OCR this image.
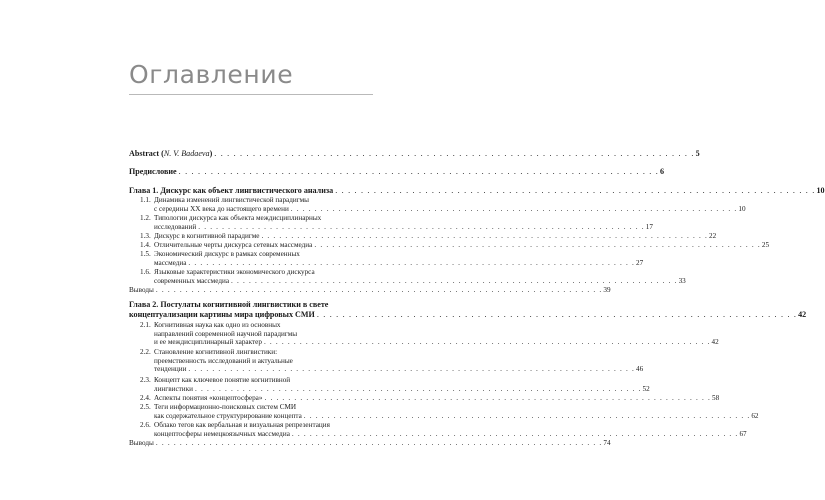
Оглавление
Abstract (N. V. Badaeva) . . . . . . . . . . . . . . . . . . . . . . . . . . . . . . . . . . . . . . . . . . . . . . . . . . . . . . . . . . . . . . . . . . . . . . . . . . . 5
Предисловие . . . . . . . . . . . . . . . . . . . . . . . . . . . . . . . . . . . . . . . . . . . . . . . . . . . . . . . . . . . . . . . . . . . . . . . . . . . 6
Глава 1. Дискурс как объект лингвистического анализа . . . . . . . . . . . . . . . . . . . . . . . . . . . . . . . . . . . . . . . . . . . . . . . . . . . . . . . . . . . . . . . . . . . . . . . . . . . 10
1.1. Динамика изменений лингвистической парадигмы
с середины XX века до настоящего времени . . . . . . . . . . . . . . . . . . . . . . . . . . . . . . . . . . . . . . . . . . . . . . . . . . . . . . . . . . . . . . . . . . . . . . . . . . . 10
1.2. Типологии дискурса как объекта междисциплинарных
исследований . . . . . . . . . . . . . . . . . . . . . . . . . . . . . . . . . . . . . . . . . . . . . . . . . . . . . . . . . . . . . . . . . . . . . . . . . . . 17
1.3. Дискурс в когнитивной парадигме . . . . . . . . . . . . . . . . . . . . . . . . . . . . . . . . . . . . . . . . . . . . . . . . . . . . . . . . . . . . . . . . . . . . . . . . . . . 22
1.4. Отличительные черты дискурса сетевых массмедиа . . . . . . . . . . . . . . . . . . . . . . . . . . . . . . . . . . . . . . . . . . . . . . . . . . . . . . . . . . . . . . . . . . . . . . . . . . . 25
1.5. Экономический дискурс в рамках современных
массмедиа . . . . . . . . . . . . . . . . . . . . . . . . . . . . . . . . . . . . . . . . . . . . . . . . . . . . . . . . . . . . . . . . . . . . . . . . . . . 27
1.6. Языковые характеристики экономического дискурса
современных массмедиа . . . . . . . . . . . . . . . . . . . . . . . . . . . . . . . . . . . . . . . . . . . . . . . . . . . . . . . . . . . . . . . . . . . . . . . . . . . 33
Выводы . . . . . . . . . . . . . . . . . . . . . . . . . . . . . . . . . . . . . . . . . . . . . . . . . . . . . . . . . . . . . . . . . . . . . . . . . . . 39
Глава 2. Постулаты когнитивной лингвистики в свете
концептуализации картины мира цифровых СМИ . . . . . . . . . . . . . . . . . . . . . . . . . . . . . . . . . . . . . . . . . . . . . . . . . . . . . . . . . . . . . . . . . . . . . . . . . . . 42
2.1. Когнитивная наука как одно из основных
направлений современной научной парадигмы
и ее междисциплинарный характер . . . . . . . . . . . . . . . . . . . . . . . . . . . . . . . . . . . . . . . . . . . . . . . . . . . . . . . . . . . . . . . . . . . . . . . . . . . 42
2.2. Становление когнитивной лингвистики:
преемственность исследований и актуальные
тенденции . . . . . . . . . . . . . . . . . . . . . . . . . . . . . . . . . . . . . . . . . . . . . . . . . . . . . . . . . . . . . . . . . . . . . . . . . . . 46
2.3. Концепт как ключевое понятие когнитивной
лингвистики . . . . . . . . . . . . . . . . . . . . . . . . . . . . . . . . . . . . . . . . . . . . . . . . . . . . . . . . . . . . . . . . . . . . . . . . . . . 52
2.4. Аспекты понятия «концептосфера» . . . . . . . . . . . . . . . . . . . . . . . . . . . . . . . . . . . . . . . . . . . . . . . . . . . . . . . . . . . . . . . . . . . . . . . . . . . 58
2.5. Теги информационно-поисковых систем СМИ
как содержательное структурирование концепта . . . . . . . . . . . . . . . . . . . . . . . . . . . . . . . . . . . . . . . . . . . . . . . . . . . . . . . . . . . . . . . . . . . . . . . . . . . 62
2.6. Облако тегов как вербальная и визуальная репрезентация
концептосферы немецкоязычных массмедиа . . . . . . . . . . . . . . . . . . . . . . . . . . . . . . . . . . . . . . . . . . . . . . . . . . . . . . . . . . . . . . . . . . . . . . . . . . . 67
Выводы . . . . . . . . . . . . . . . . . . . . . . . . . . . . . . . . . . . . . . . . . . . . . . . . . . . . . . . . . . . . . . . . . . . . . . . . . . . 74
